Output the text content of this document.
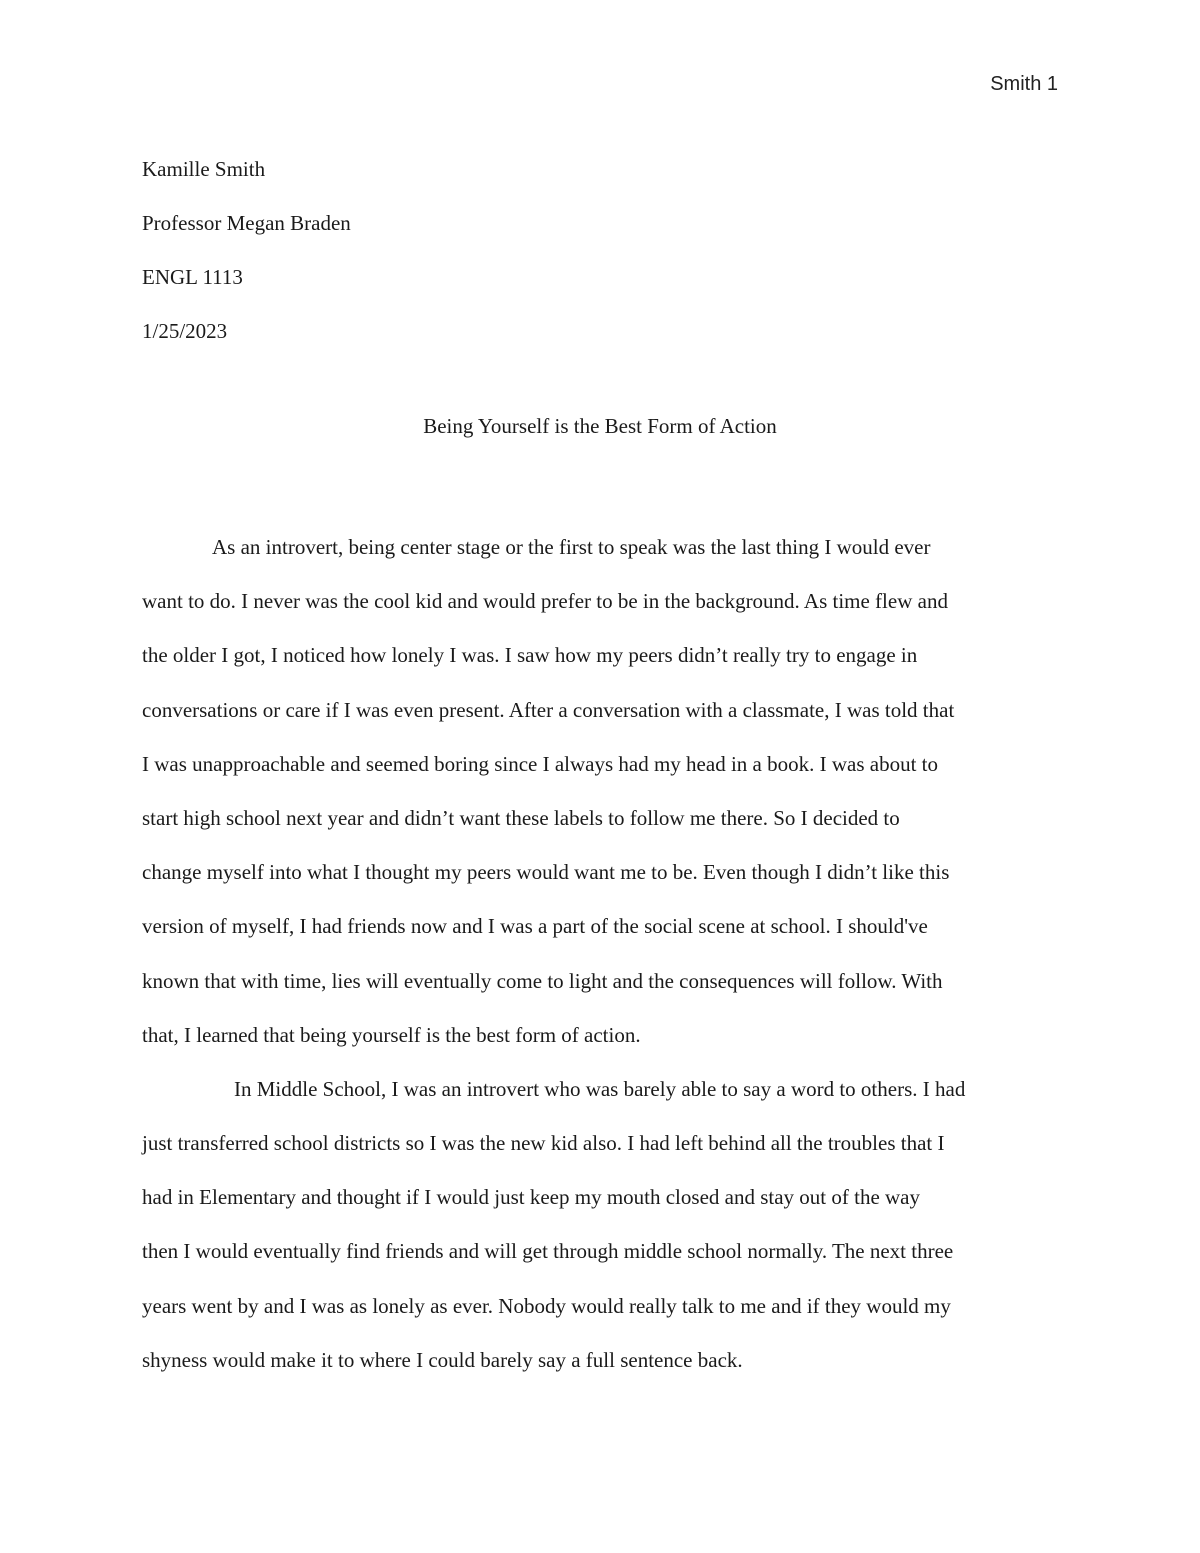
Smith 1
Kamille Smith
Professor Megan Braden
ENGL 1113
1/25/2023
Being Yourself is the Best Form of Action
As an introvert, being center stage or the first to speak was the last thing I would ever
want to do. I never was the cool kid and would prefer to be in the background. As time flew and
the older I got, I noticed how lonely I was. I saw how my peers didn’t really try to engage in
conversations or care if I was even present. After a conversation with a classmate, I was told that
I was unapproachable and seemed boring since I always had my head in a book. I was about to
start high school next year and didn’t want these labels to follow me there. So I decided to
change myself into what I thought my peers would want me to be. Even though I didn’t like this
version of myself, I had friends now and I was a part of the social scene at school. I should've
known that with time, lies will eventually come to light and the consequences will follow. With
that, I learned that being yourself is the best form of action.
In Middle School, I was an introvert who was barely able to say a word to others. I had
just transferred school districts so I was the new kid also. I had left behind all the troubles that I
had in Elementary and thought if I would just keep my mouth closed and stay out of the way
then I would eventually find friends and will get through middle school normally. The next three
years went by and I was as lonely as ever. Nobody would really talk to me and if they would my
shyness would make it to where I could barely say a full sentence back.
